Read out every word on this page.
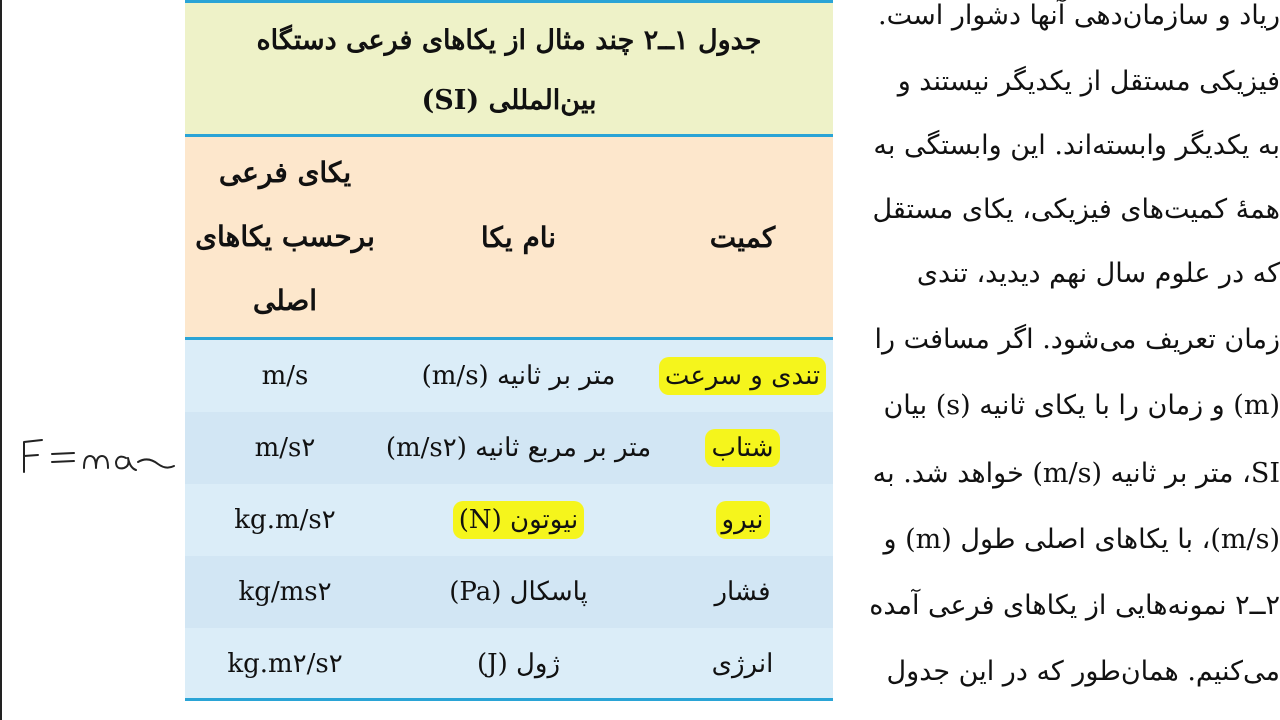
جدول ۱ــ۲ چند مثال از یکاهای فرعی دستگاه
بین‌المللی (SI)
کمیت
نام یکا
یکای فرعی
برحسب یکاهای
اصلی
تندی و سرعت
متر بر ثانیه (m/s)
m/s
شتاب
متر بر مربع ثانیه (m/s۲)
m/s۲
نیرو
نیوتون (N)
kg.m/s۲
فشار
پاسکال (Pa)
kg/ms۲
انرژی
ژول (J)
kg.m۲/s۲
ریاد و سازمان‌دهی آنها دشوار است.
فیزیکی مستقل از یکدیگر نیستند و
به یکدیگر وابسته‌اند. این وابستگی به
همهٔ کمیت‌های فیزیکی، یکای مستقل
که در علوم سال نهم دیدید، تندی
زمان تعریف می‌شود. اگر مسافت را
(m) و زمان را با یکای ثانیه (s) بیان
SI، متر بر ثانیه (m/s) خواهد شد. به
(m/s)، با یکاهای اصلی طول (m) و
۲ــ۲ نمونه‌هایی از یکاهای فرعی آمده
می‌کنیم. همان‌طور که در این جدول
